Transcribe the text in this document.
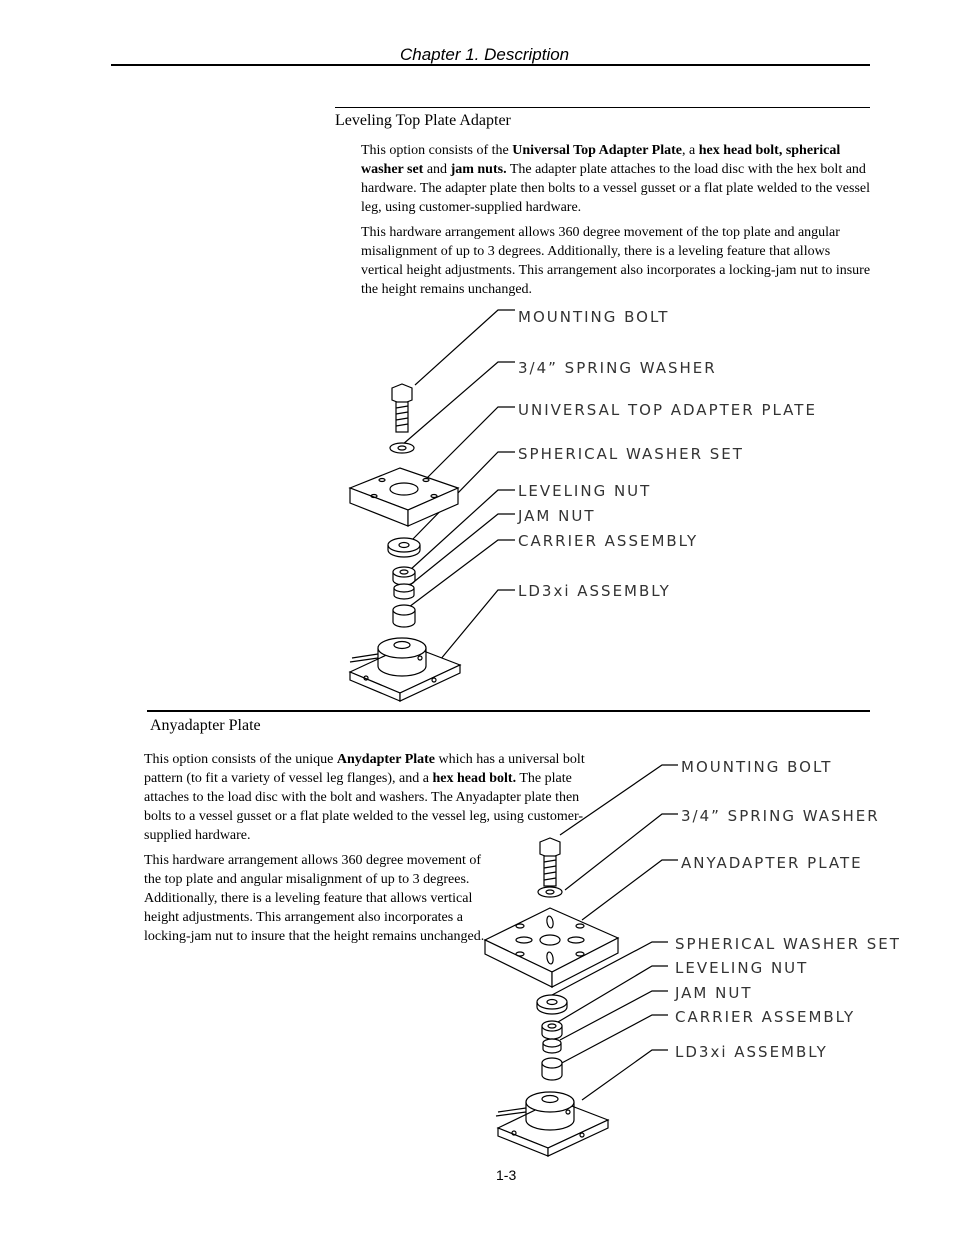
Chapter 1. Description
Leveling Top Plate Adapter

This option consists of the Universal Top Adapter Plate, a hex head bolt, spherical washer set and jam nuts. The adapter plate attaches to the load disc with the hex bolt and hardware. The adapter plate then bolts to a vessel gusset or a flat plate welded to the vessel leg, using customer-supplied hardware.

This hardware arrangement allows 360 degree movement of the top plate and angular misalignment of up to 3 degrees. Additionally, there is a leveling feature that allows vertical height adjustments. This arrangement also incorporates a locking-jam nut to insure the height remains unchanged.

MOUNTING BOLT
3/4” SPRING WASHER
UNIVERSAL TOP ADAPTER PLATE
SPHERICAL WASHER SET
LEVELING NUT
JAM NUT
CARRIER ASSEMBLY
LD3xi ASSEMBLY
Anyadapter Plate

This option consists of the unique Anydapter Plate which has a universal bolt pattern (to fit a variety of vessel leg flanges), and a hex head bolt. The plate attaches to the load disc with the bolt and washers. The Anyadapter plate then bolts to a vessel gusset or a flat plate welded to the vessel leg, using customer-supplied hardware.

This hardware arrangement allows 360 degree movement of the top plate and angular misalignment of up to 3 degrees. Additionally, there is a leveling feature that allows vertical height adjustments. This arrangement also incorporates a locking-jam nut to insure that the height remains unchanged.

MOUNTING BOLT
3/4” SPRING WASHER
ANYADAPTER PLATE
SPHERICAL WASHER SET
LEVELING NUT
JAM NUT
CARRIER ASSEMBLY
LD3xi ASSEMBLY
1-3
